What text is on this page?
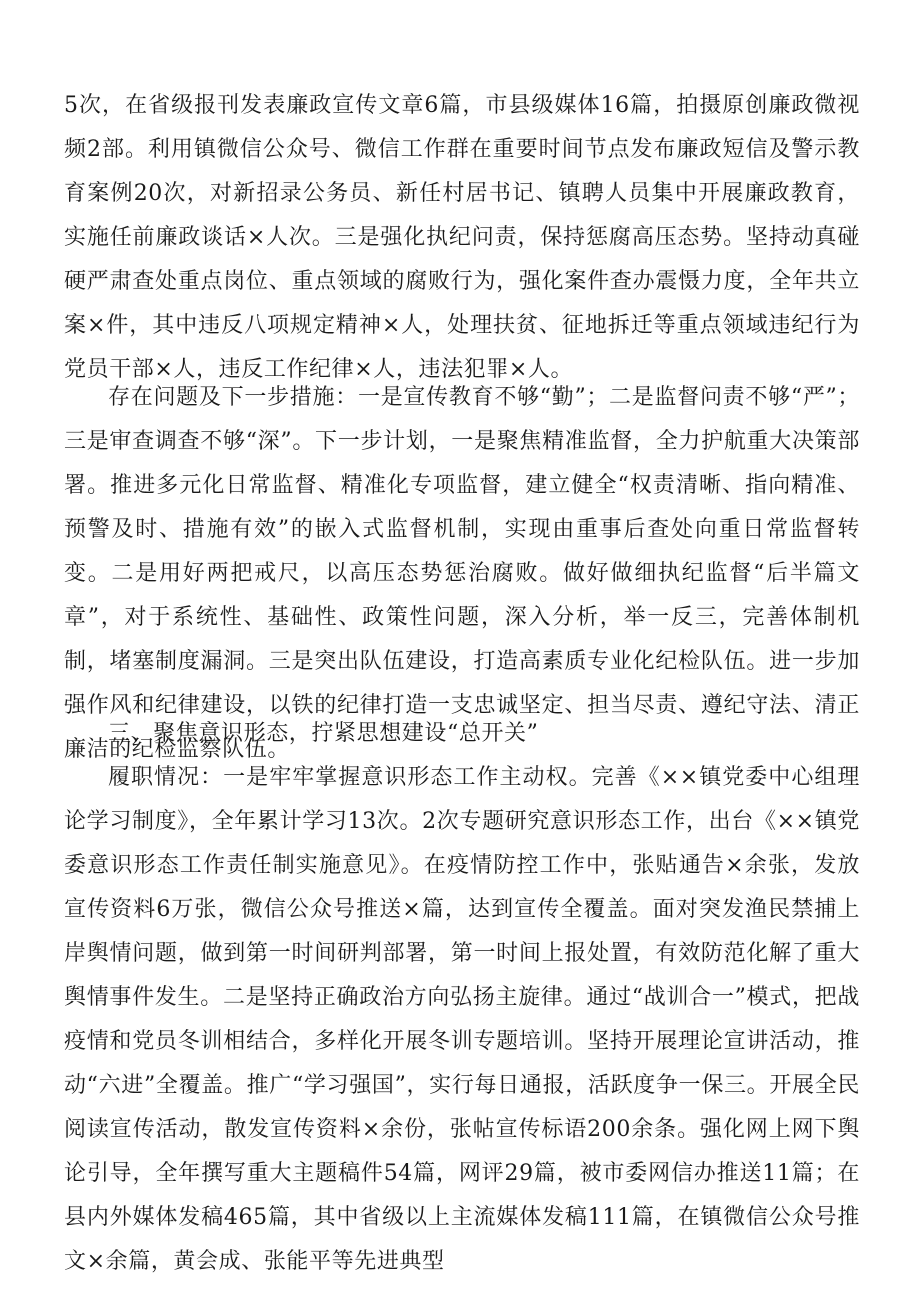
5次，在省级报刊发表廉政宣传文章6篇，市县级媒体16篇，拍摄原创廉政微视频2部。利用镇微信公众号、微信工作群在重要时间节点发布廉政短信及警示教育案例20次，对新招录公务员、新任村居书记、镇聘人员集中开展廉政教育，实施任前廉政谈话×人次。三是强化执纪问责，保持惩腐高压态势。坚持动真碰硬严肃查处重点岗位、重点领域的腐败行为，强化案件查办震慑力度，全年共立案×件，其中违反八项规定精神×人，处理扶贫、征地拆迁等重点领域违纪行为党员干部×人，违反工作纪律×人，违法犯罪×人。

存在问题及下一步措施：一是宣传教育不够“勤”；二是监督问责不够“严”；三是审查调查不够“深”。下一步计划，一是聚焦精准监督，全力护航重大决策部署。推进多元化日常监督、精准化专项监督，建立健全“权责清晰、指向精准、预警及时、措施有效”的嵌入式监督机制，实现由重事后查处向重日常监督转变。二是用好两把戒尺，以高压态势惩治腐败。做好做细执纪监督“后半篇文章”，对于系统性、基础性、政策性问题，深入分析，举一反三，完善体制机制，堵塞制度漏洞。三是突出队伍建设，打造高素质专业化纪检队伍。进一步加强作风和纪律建设，以铁的纪律打造一支忠诚坚定、担当尽责、遵纪守法、清正廉洁的纪检监察队伍。

三、聚焦意识形态，拧紧思想建设“总开关”

履职情况：一是牢牢掌握意识形态工作主动权。完善《××镇党委中心组理论学习制度》，全年累计学习13次。2次专题研究意识形态工作，出台《××镇党委意识形态工作责任制实施意见》。在疫情防控工作中，张贴通告×余张，发放宣传资料6万张，微信公众号推送×篇，达到宣传全覆盖。面对突发渔民禁捕上岸舆情问题，做到第一时间研判部署，第一时间上报处置，有效防范化解了重大舆情事件发生。二是坚持正确政治方向弘扬主旋律。通过“战训合一”模式，把战疫情和党员冬训相结合，多样化开展冬训专题培训。坚持开展理论宣讲活动，推动“六进”全覆盖。推广“学习强国”，实行每日通报，活跃度争一保三。开展全民阅读宣传活动，散发宣传资料×余份，张帖宣传标语200余条。强化网上网下舆论引导，全年撰写重大主题稿件54篇，网评29篇，被市委网信办推送11篇；在县内外媒体发稿465篇，其中省级以上主流媒体发稿111篇，在镇微信公众号推文×余篇，黄会成、张能平等先进典型
